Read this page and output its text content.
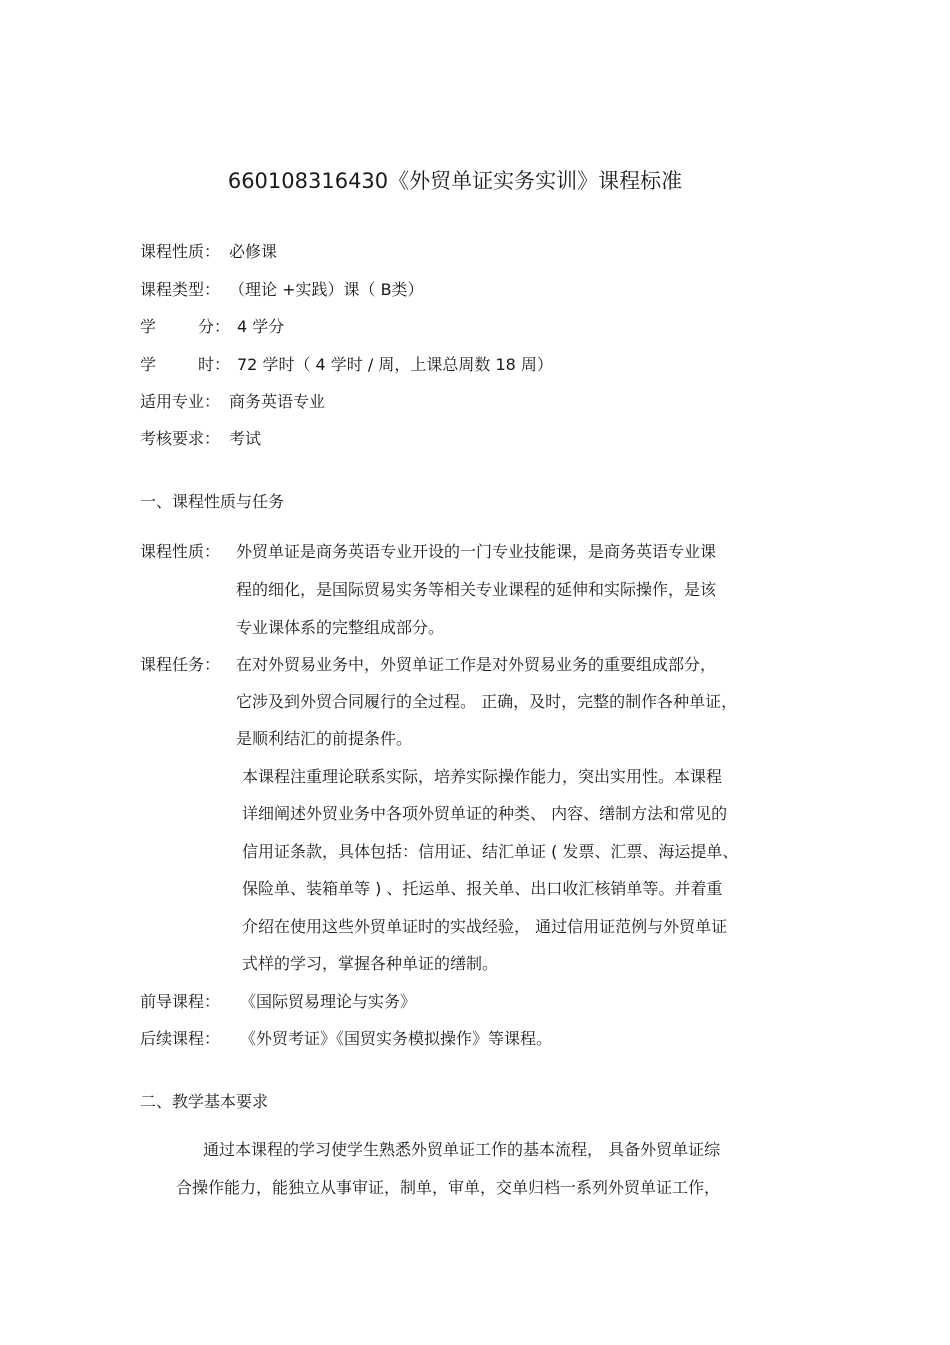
660108316430《外贸单证实务实训》课程标准
课程性质： 必修课
课程类型： （理论 +实践）课（ B类）
学	分： 4 学分
学	时： 72 学时（ 4 学时 / 周，上课总周数 18 周）
适用专业： 商务英语专业
考核要求： 考试
一、课程性质与任务
课程性质： 外贸单证是商务英语专业开设的一门专业技能课，是商务英语专业课
程的细化，是国际贸易实务等相关专业课程的延伸和实际操作，是该
专业课体系的完整组成部分。
课程任务： 在对外贸易业务中，外贸单证工作是对外贸易业务的重要组成部分，
它涉及到外贸合同履行的全过程。 正确，及时，完整的制作各种单证，
是顺利结汇的前提条件。
本课程注重理论联系实际，培养实际操作能力，突出实用性。本课程
详细阐述外贸业务中各项外贸单证的种类、 内容、缮制方法和常见的
信用证条款，具体包括：信用证、结汇单证 ( 发票、汇票、海运提单、
保险单、装箱单等 ) 、托运单、报关单、出口收汇核销单等。并着重
介绍在使用这些外贸单证时的实战经验， 通过信用证范例与外贸单证
式样的学习，掌握各种单证的缮制。
前导课程： 《国际贸易理论与实务》
后续课程： 《外贸考证》《国贸实务模拟操作》等课程。
二、教学基本要求
通过本课程的学习使学生熟悉外贸单证工作的基本流程， 具备外贸单证综
合操作能力，能独立从事审证，制单，审单，交单归档一系列外贸单证工作，
